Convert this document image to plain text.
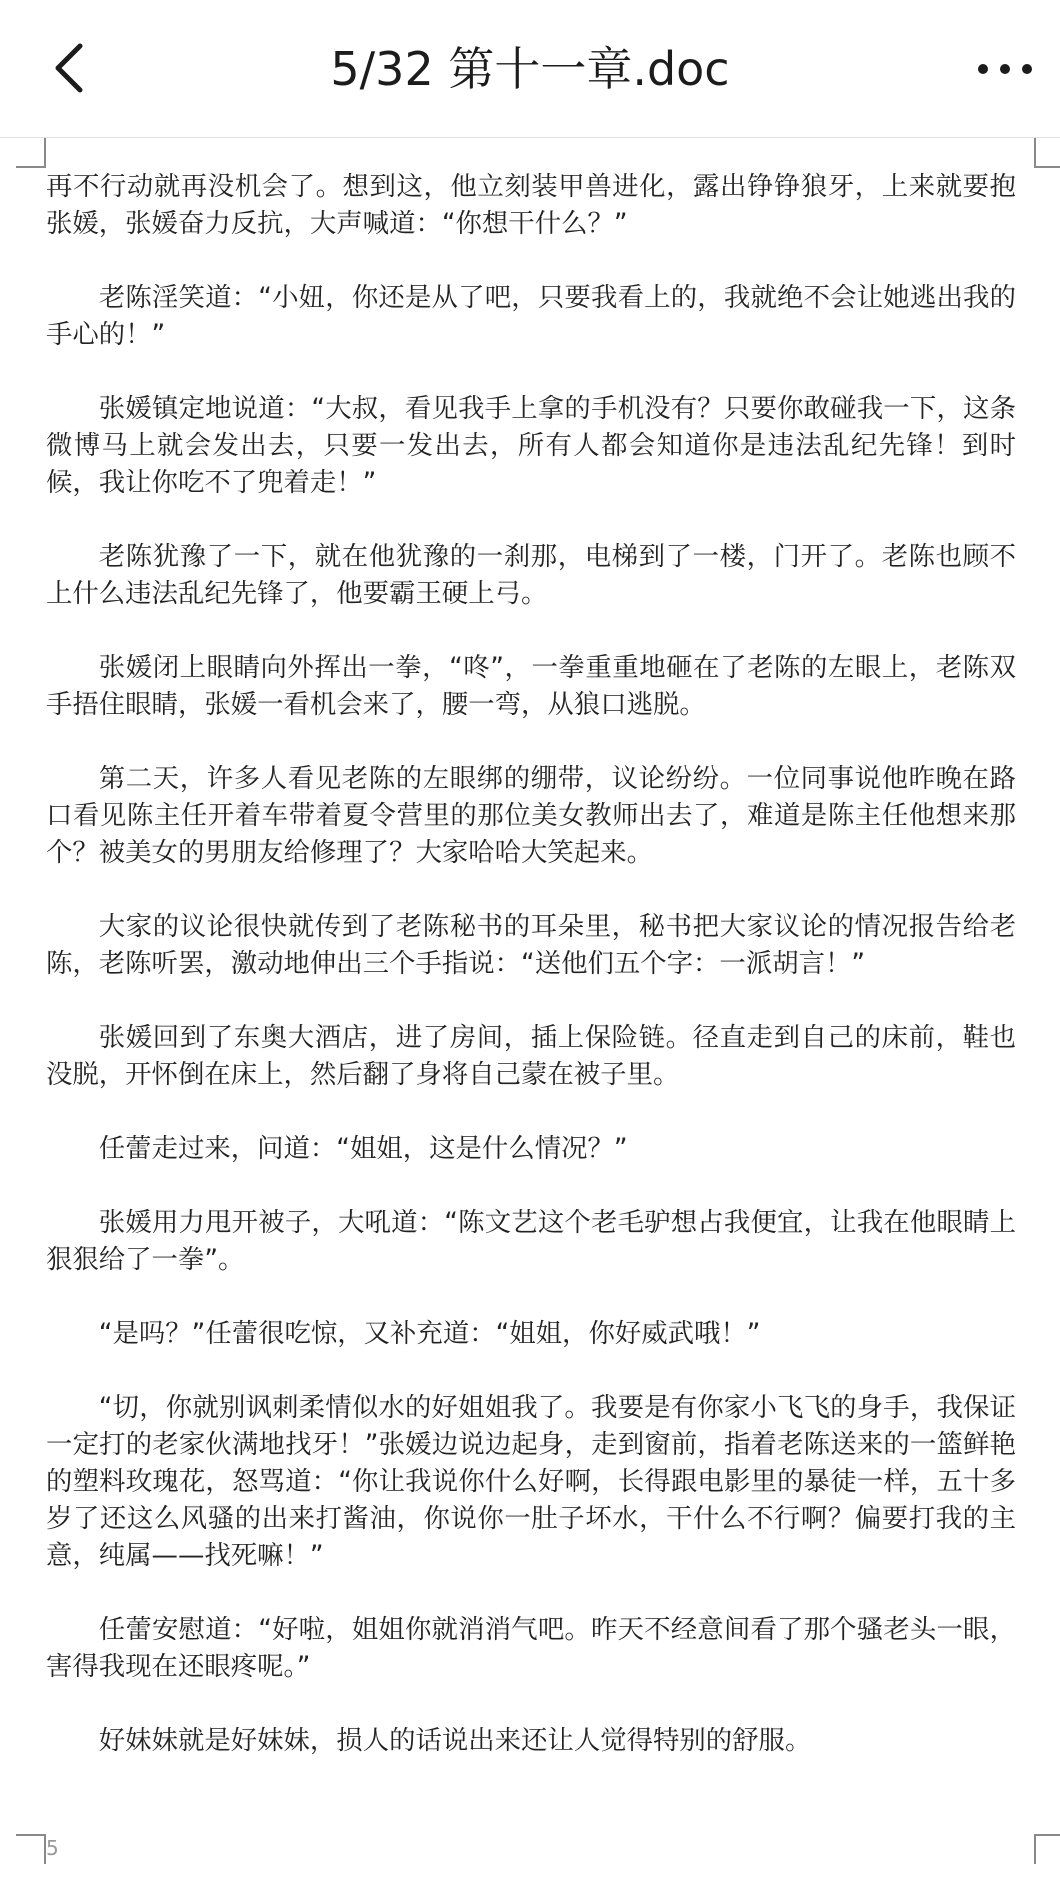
5/32 第十一章.doc

再不行动就再没机会了。想到这，他立刻装甲兽进化，露出铮铮狼牙，上来就要抱张媛，张媛奋力反抗，大声喊道：“你想干什么？”

老陈淫笑道：“小妞，你还是从了吧，只要我看上的，我就绝不会让她逃出我的手心的！”

张媛镇定地说道：“大叔，看见我手上拿的手机没有？只要你敢碰我一下，这条微博马上就会发出去，只要一发出去，所有人都会知道你是违法乱纪先锋！到时候，我让你吃不了兜着走！”

老陈犹豫了一下，就在他犹豫的一刹那，电梯到了一楼，门开了。老陈也顾不上什么违法乱纪先锋了，他要霸王硬上弓。

张媛闭上眼睛向外挥出一拳，“咚”，一拳重重地砸在了老陈的左眼上，老陈双手捂住眼睛，张媛一看机会来了，腰一弯，从狼口逃脱。

第二天，许多人看见老陈的左眼绑的绷带，议论纷纷。一位同事说他昨晚在路口看见陈主任开着车带着夏令营里的那位美女教师出去了，难道是陈主任他想来那个？被美女的男朋友给修理了？大家哈哈大笑起来。

大家的议论很快就传到了老陈秘书的耳朵里，秘书把大家议论的情况报告给老陈，老陈听罢，激动地伸出三个手指说：“送他们五个字：一派胡言！”

张媛回到了东奥大酒店，进了房间，插上保险链。径直走到自己的床前，鞋也没脱，开怀倒在床上，然后翻了身将自己蒙在被子里。

任蕾走过来，问道：“姐姐，这是什么情况？”

张媛用力甩开被子，大吼道：“陈文艺这个老毛驴想占我便宜，让我在他眼睛上狠狠给了一拳”。

“是吗？”任蕾很吃惊，又补充道：“姐姐，你好威武哦！”

“切，你就别讽刺柔情似水的好姐姐我了。我要是有你家小飞飞的身手，我保证一定打的老家伙满地找牙！”张媛边说边起身，走到窗前，指着老陈送来的一篮鲜艳的塑料玫瑰花，怒骂道：“你让我说你什么好啊，长得跟电影里的暴徒一样，五十多岁了还这么风骚的出来打酱油，你说你一肚子坏水，干什么不行啊？偏要打我的主意，纯属——找死嘛！”

任蕾安慰道：“好啦，姐姐你就消消气吧。昨天不经意间看了那个骚老头一眼，害得我现在还眼疼呢。”

好妹妹就是好妹妹，损人的话说出来还让人觉得特别的舒服。

5
